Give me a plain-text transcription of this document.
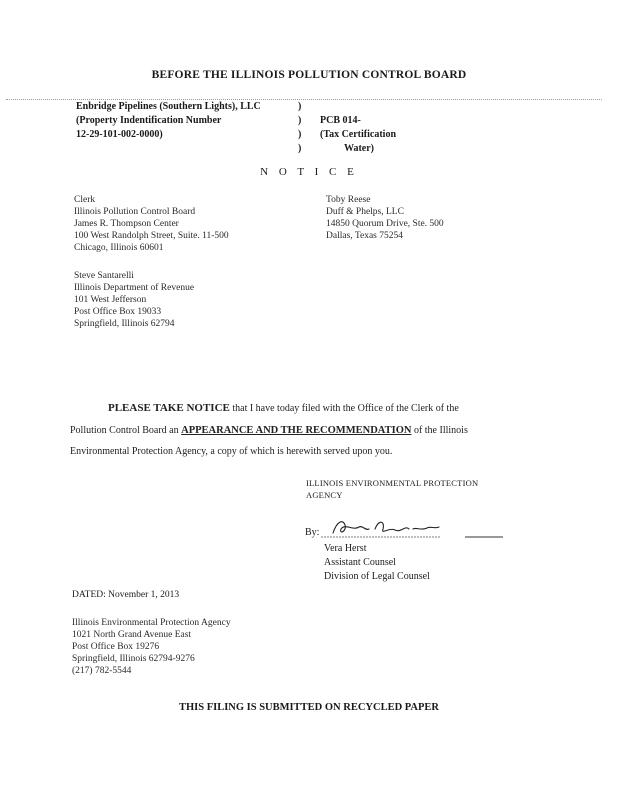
BEFORE THE ILLINOIS POLLUTION CONTROL BOARD
Enbridge Pipelines (Southern Lights), LLC
(Property Indentification Number
12-29-101-002-0000)
)
)
)
)
PCB 014-
(Tax Certification
Water)
N O T I C E
Clerk
Illinois Pollution Control Board
James R. Thompson Center
100 West Randolph Street, Suite. 11-500
Chicago, Illinois 60601
Toby Reese
Duff & Phelps, LLC
14850 Quorum Drive, Ste. 500
Dallas, Texas 75254
Steve Santarelli
Illinois Department of Revenue
101 West Jefferson
Post Office Box 19033
Springfield, Illinois 62794
PLEASE TAKE NOTICE that I have today filed with the Office of the Clerk of the
Pollution Control Board an APPEARANCE AND THE RECOMMENDATION of the Illinois
Environmental Protection Agency, a copy of which is herewith served upon you.
ILLINOIS ENVIRONMENTAL PROTECTION
AGENCY
By:
Vera Herst
Assistant Counsel
Division of Legal Counsel
DATED: November 1, 2013
Illinois Environmental Protection Agency
1021 North Grand Avenue East
Post Office Box 19276
Springfield, Illinois 62794-9276
(217) 782-5544
THIS FILING IS SUBMITTED ON RECYCLED PAPER
